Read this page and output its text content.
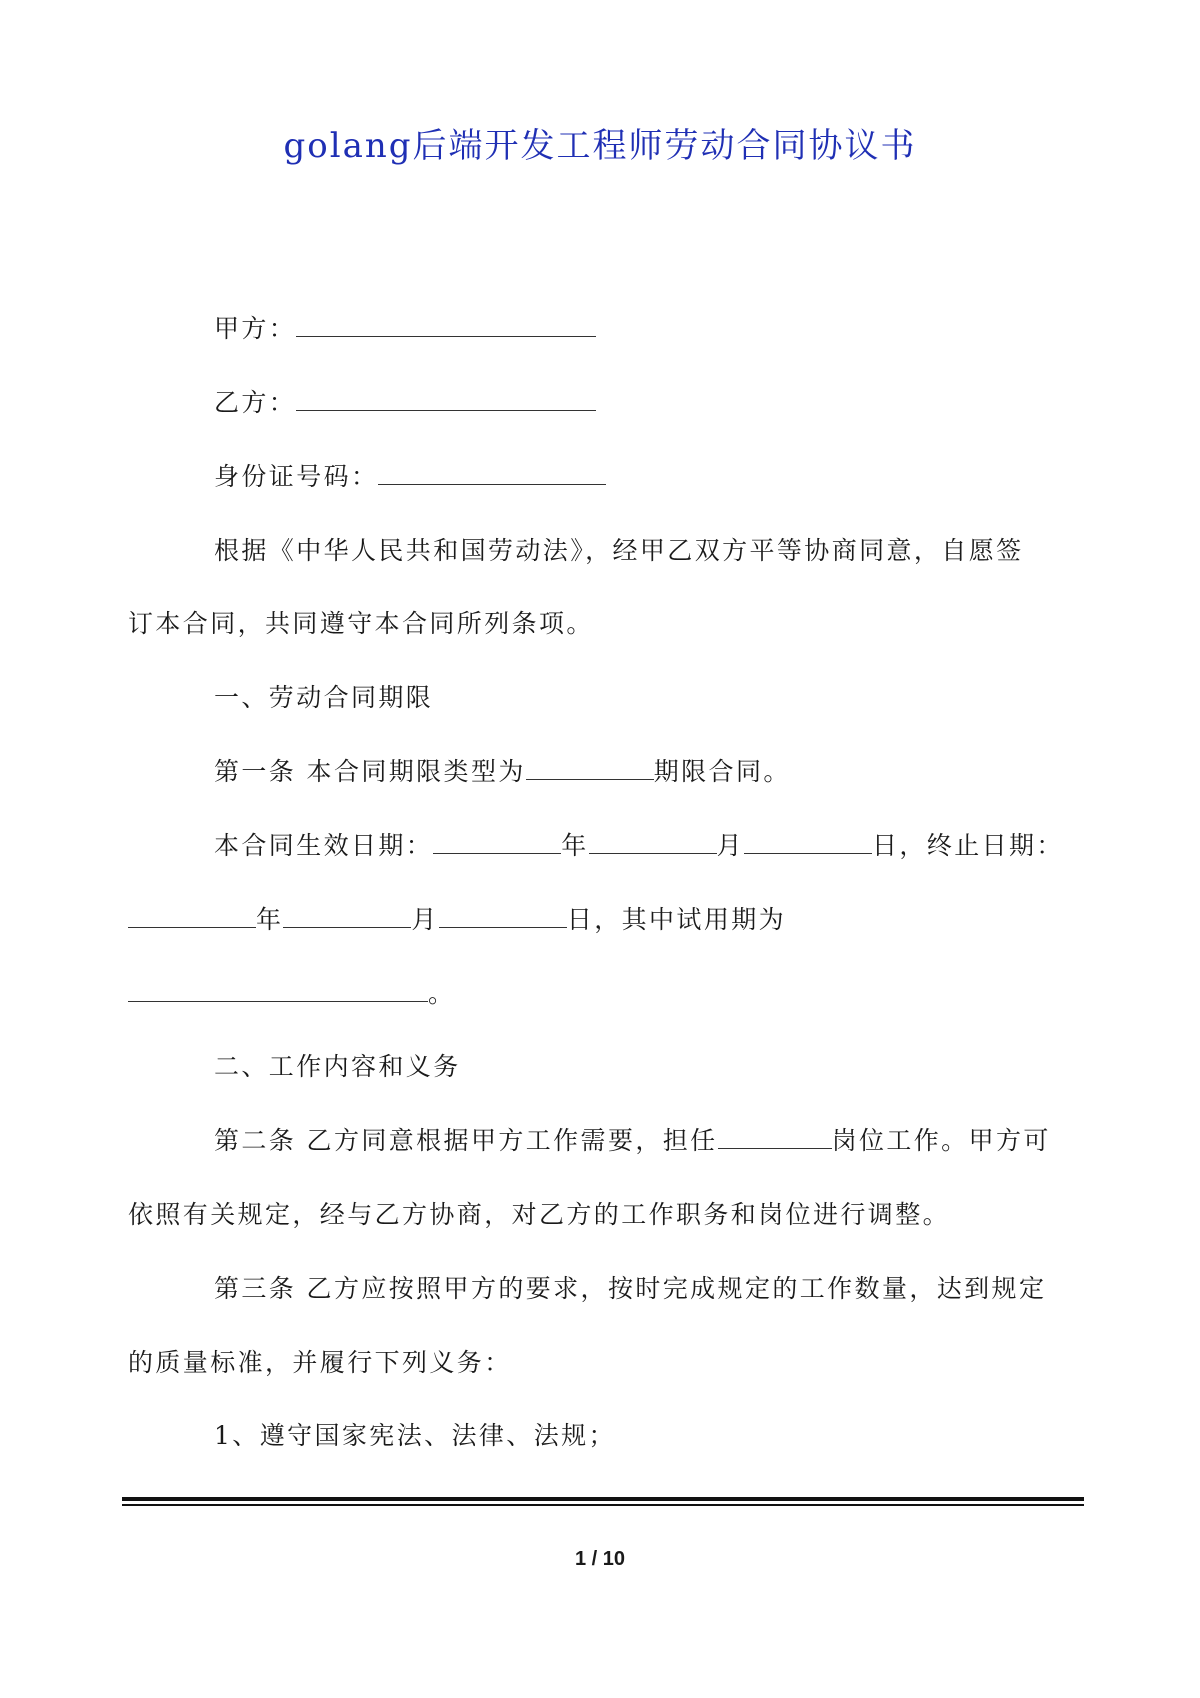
golang后端开发工程师劳动合同协议书
甲方：
乙方：
身份证号码：
根据《中华人民共和国劳动法》，经甲乙双方平等协商同意，自愿签
订本合同，共同遵守本合同所列条项。
一、劳动合同期限
第一条 本合同期限类型为	期限合同。
本合同生效日期：	年	月	日，终止日期：
年	月	日，其中试用期为
。
二、工作内容和义务
第二条 乙方同意根据甲方工作需要，担任	岗位工作。甲方可
依照有关规定，经与乙方协商，对乙方的工作职务和岗位进行调整。
第三条 乙方应按照甲方的要求，按时完成规定的工作数量，达到规定
的质量标准，并履行下列义务：
1、遵守国家宪法、法律、法规；
1 / 10
